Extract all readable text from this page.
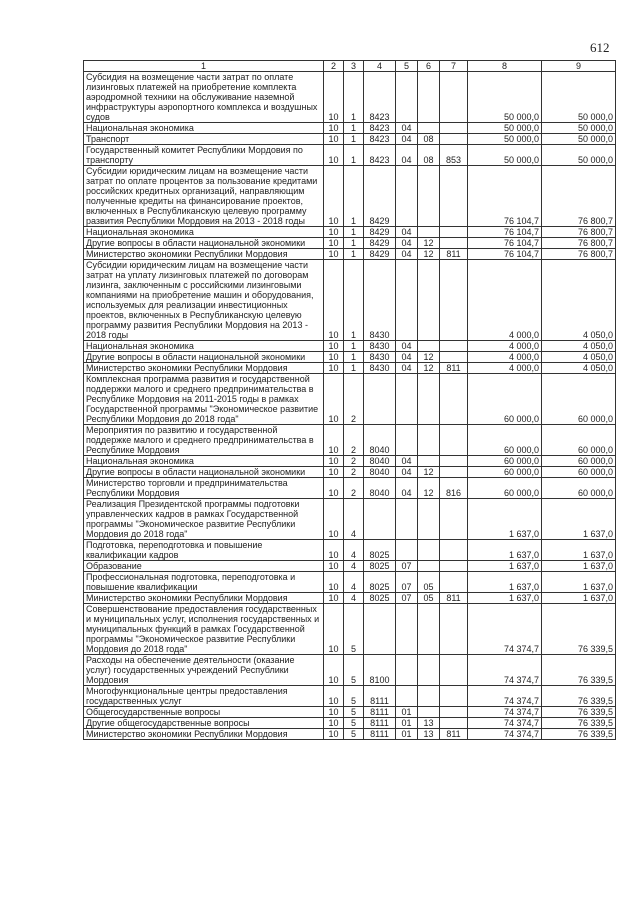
612
1	2	3	4	5	6	7	8	9
Субсидия на возмещение части затрат по оплате лизинговых платежей на приобретение комплекта аэродромной техники на обслуживание наземной инфраструктуры аэропортного комплекса и воздушных судов	10	1	8423				50 000,0	50 000,0
Национальная экономика	10	1	8423	04			50 000,0	50 000,0
Транспорт	10	1	8423	04	08		50 000,0	50 000,0
Государственный комитет Республики Мордовия по транспорту	10	1	8423	04	08	853	50 000,0	50 000,0
Субсидии юридическим лицам на возмещение части затрат по оплате процентов за пользование кредитами российских кредитных организаций, направляющим полученные кредиты на финансирование проектов, включенных в Республиканскую целевую программу развития Республики Мордовия на 2013 - 2018 годы	10	1	8429				76 104,7	76 800,7
Национальная экономика	10	1	8429	04			76 104,7	76 800,7
Другие вопросы в области национальной экономики	10	1	8429	04	12		76 104,7	76 800,7
Министерство экономики Республики Мордовия	10	1	8429	04	12	811	76 104,7	76 800,7
Субсидии юридическим лицам на возмещение части затрат на уплату лизинговых платежей по договорам лизинга, заключенным с российскими лизинговыми компаниями на приобретение машин и оборудования, используемых для реализации инвестиционных проектов, включенных в Республиканскую целевую программу развития Республики Мордовия на 2013 - 2018 годы	10	1	8430				4 000,0	4 050,0
Национальная экономика	10	1	8430	04			4 000,0	4 050,0
Другие вопросы в области национальной экономики	10	1	8430	04	12		4 000,0	4 050,0
Министерство экономики Республики Мордовия	10	1	8430	04	12	811	4 000,0	4 050,0
Комплексная программа развития и государственной поддержки малого и среднего предпринимательства в Республике Мордовия на 2011-2015 годы в рамках Государственной программы "Экономическое развитие Республики Мордовия до 2018 года"	10	2					60 000,0	60 000,0
Мероприятия по развитию и государственной поддержке малого и среднего предпринимательства в Республике Мордовия	10	2	8040				60 000,0	60 000,0
Национальная экономика	10	2	8040	04			60 000,0	60 000,0
Другие вопросы в области национальной экономики	10	2	8040	04	12		60 000,0	60 000,0
Министерство торговли и предпринимательства Республики Мордовия	10	2	8040	04	12	816	60 000,0	60 000,0
Реализация Президентской программы подготовки управленческих кадров в рамках Государственной программы "Экономическое развитие Республики Мордовия до 2018 года"	10	4					1 637,0	1 637,0
Подготовка, переподготовка и повышение квалификации кадров	10	4	8025				1 637,0	1 637,0
Образование	10	4	8025	07			1 637,0	1 637,0
Профессиональная подготовка, переподготовка и повышение квалификации	10	4	8025	07	05		1 637,0	1 637,0
Министерство экономики Республики Мордовия	10	4	8025	07	05	811	1 637,0	1 637,0
Совершенствование предоставления государственных и муниципальных услуг, исполнения государственных и муниципальных функций в рамках Государственной программы "Экономическое развитие Республики Мордовия до 2018 года"	10	5					74 374,7	76 339,5
Расходы на обеспечение деятельности (оказание услуг) государственных учреждений Республики Мордовия	10	5	8100				74 374,7	76 339,5
Многофункциональные центры предоставления государственных услуг	10	5	8111				74 374,7	76 339,5
Общегосударственные вопросы	10	5	8111	01			74 374,7	76 339,5
Другие общегосударственные вопросы	10	5	8111	01	13		74 374,7	76 339,5
Министерство экономики Республики Мордовия	10	5	8111	01	13	811	74 374,7	76 339,5
